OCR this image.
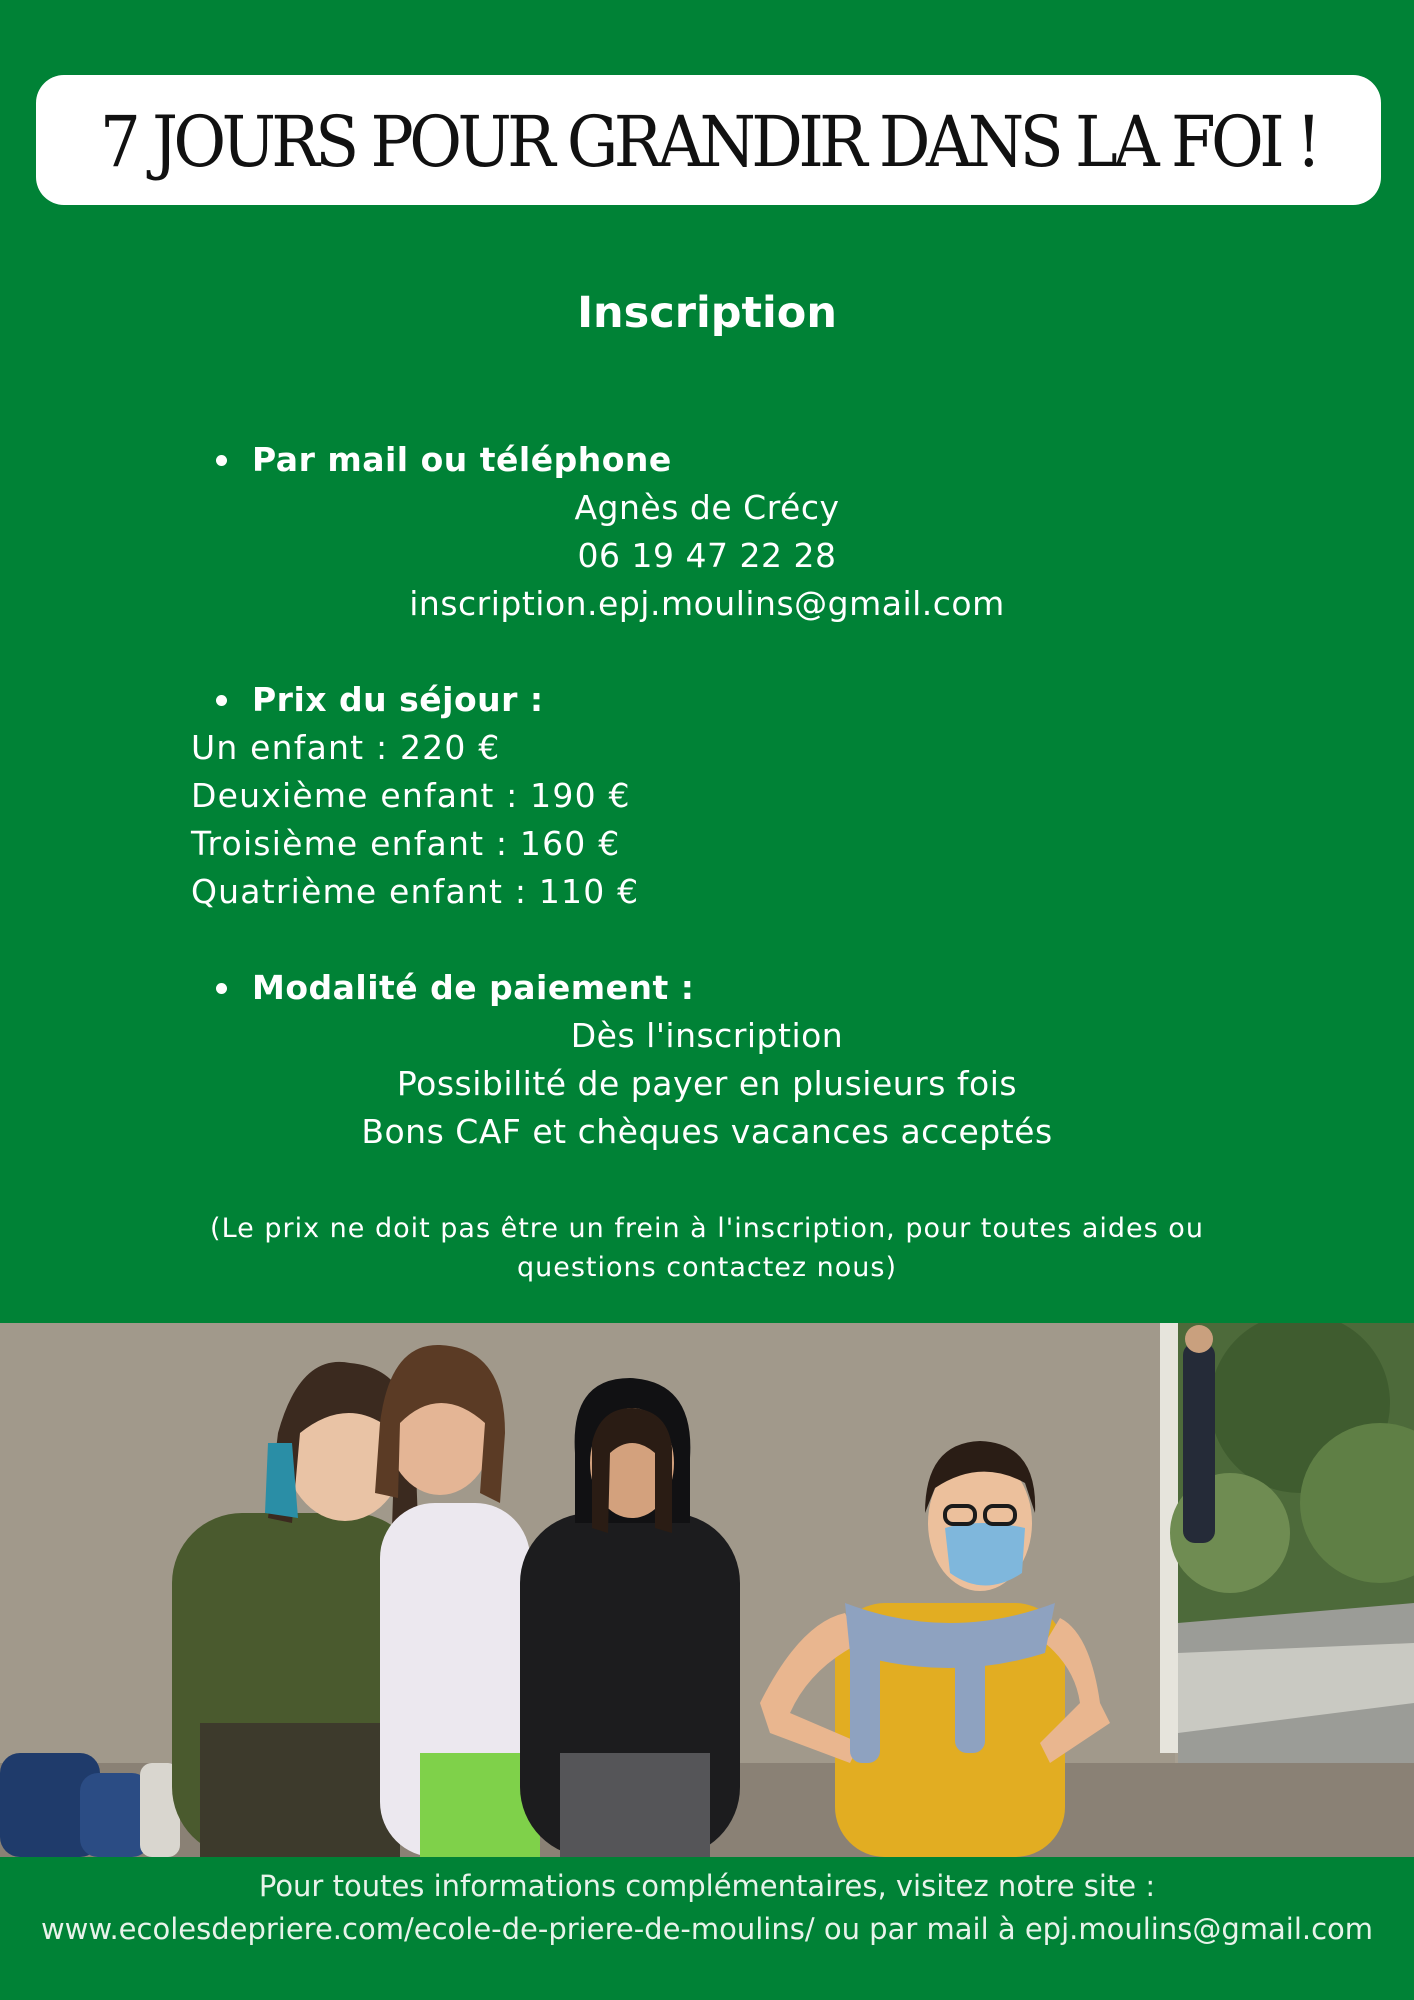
7 JOURS POUR GRANDIR DANS LA FOI !
Inscription
Par mail ou téléphone
Agnès de Crécy
06 19 47 22 28
inscription.epj.moulins@gmail.com
Prix du séjour :
Un enfant : 220 €
Deuxième enfant : 190 €
Troisième enfant : 160 €
Quatrième enfant : 110 €
Modalité de paiement :
Dès l'inscription
Possibilité de payer en plusieurs fois
Bons CAF et chèques vacances acceptés
(Le prix ne doit pas être un frein à l'inscription, pour toutes aides ou
questions contactez nous)
Pour toutes informations complémentaires, visitez notre site :
www.ecolesdepriere.com/ecole-de-priere-de-moulins/ ou par mail à epj.moulins@gmail.com
